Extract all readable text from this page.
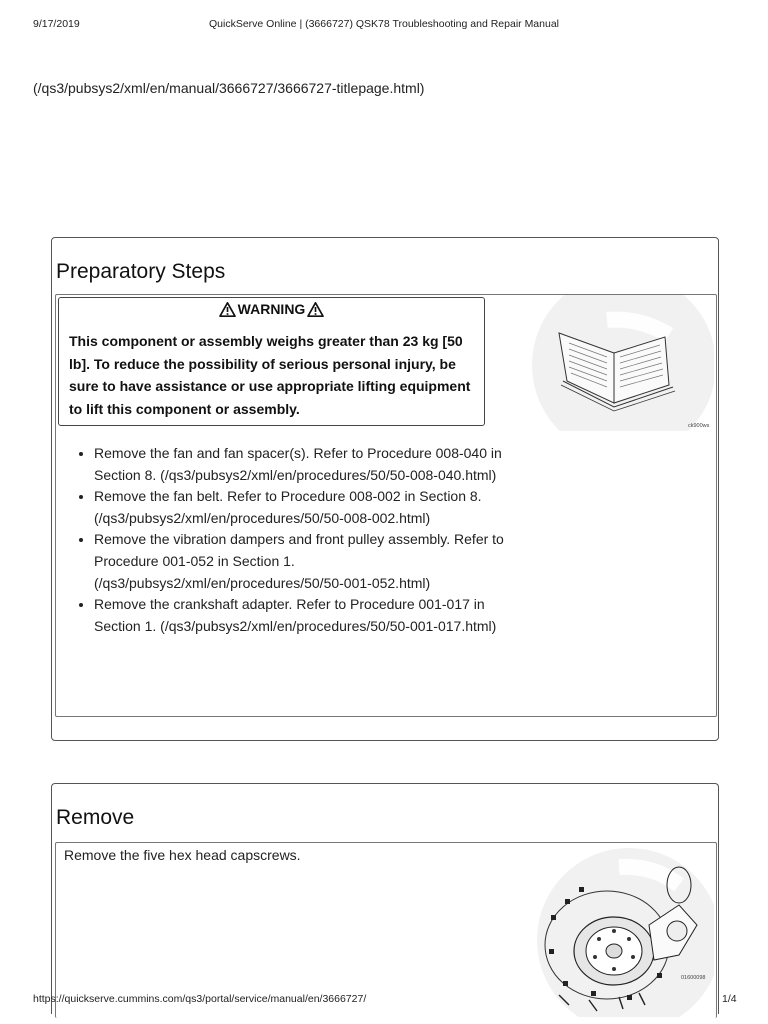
9/17/2019	QuickServe Online | (3666727) QSK78 Troubleshooting and Repair Manual
(/qs3/pubsys2/xml/en/manual/3666727/3666727-titlepage.html)
Preparatory Steps
WARNING
This component or assembly weighs greater than 23 kg [50 lb]. To reduce the possibility of serious personal injury, be sure to have assistance or use appropriate lifting equipment to lift this component or assembly.
ck900ws
• Remove the fan and fan spacer(s). Refer to Procedure 008-040 in Section 8. (/qs3/pubsys2/xml/en/procedures/50/50-008-040.html)
• Remove the fan belt. Refer to Procedure 008-002 in Section 8. (/qs3/pubsys2/xml/en/procedures/50/50-008-002.html)
• Remove the vibration dampers and front pulley assembly. Refer to Procedure 001-052 in Section 1. (/qs3/pubsys2/xml/en/procedures/50/50-001-052.html)
• Remove the crankshaft adapter. Refer to Procedure 001-017 in Section 1. (/qs3/pubsys2/xml/en/procedures/50/50-001-017.html)
Remove
Remove the five hex head capscrews.
01600098
https://quickserve.cummins.com/qs3/portal/service/manual/en/3666727/	1/4
